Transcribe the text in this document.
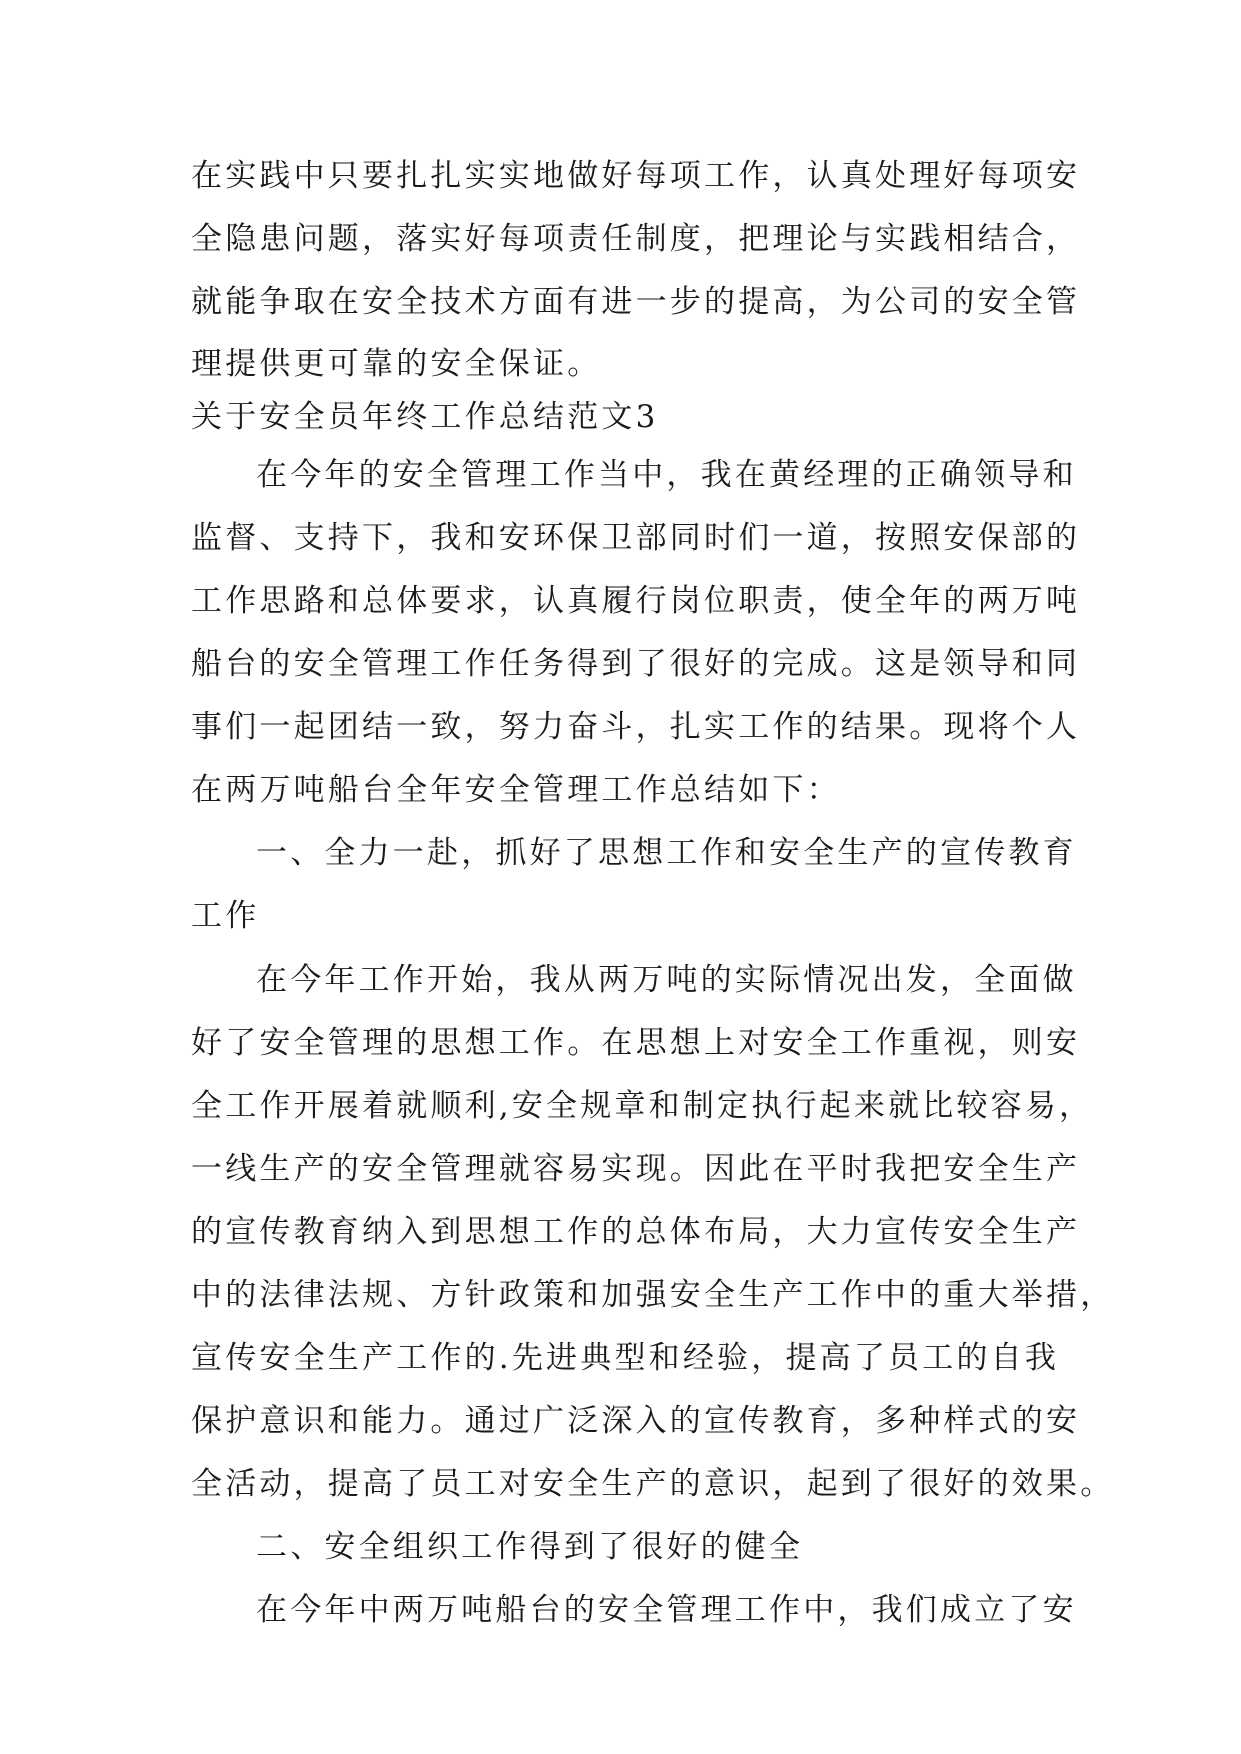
在实践中只要扎扎实实地做好每项工作，认真处理好每项安
全隐患问题，落实好每项责任制度，把理论与实践相结合，
就能争取在安全技术方面有进一步的提高，为公司的安全管
理提供更可靠的安全保证。
关于安全员年终工作总结范文3
在今年的安全管理工作当中，我在黄经理的正确领导和
监督、支持下，我和安环保卫部同时们一道，按照安保部的
工作思路和总体要求，认真履行岗位职责，使全年的两万吨
船台的安全管理工作任务得到了很好的完成。这是领导和同
事们一起团结一致，努力奋斗，扎实工作的结果。现将个人
在两万吨船台全年安全管理工作总结如下：
一、全力一赴，抓好了思想工作和安全生产的宣传教育
工作
在今年工作开始，我从两万吨的实际情况出发，全面做
好了安全管理的思想工作。在思想上对安全工作重视，则安
全工作开展着就顺利,安全规章和制定执行起来就比较容易，
一线生产的安全管理就容易实现。因此在平时我把安全生产
的宣传教育纳入到思想工作的总体布局，大力宣传安全生产
中的法律法规、方针政策和加强安全生产工作中的重大举措，
宣传安全生产工作的.先进典型和经验，提高了员工的自我
保护意识和能力。通过广泛深入的宣传教育，多种样式的安
全活动，提高了员工对安全生产的意识，起到了很好的效果。
二、安全组织工作得到了很好的健全
在今年中两万吨船台的安全管理工作中，我们成立了安
